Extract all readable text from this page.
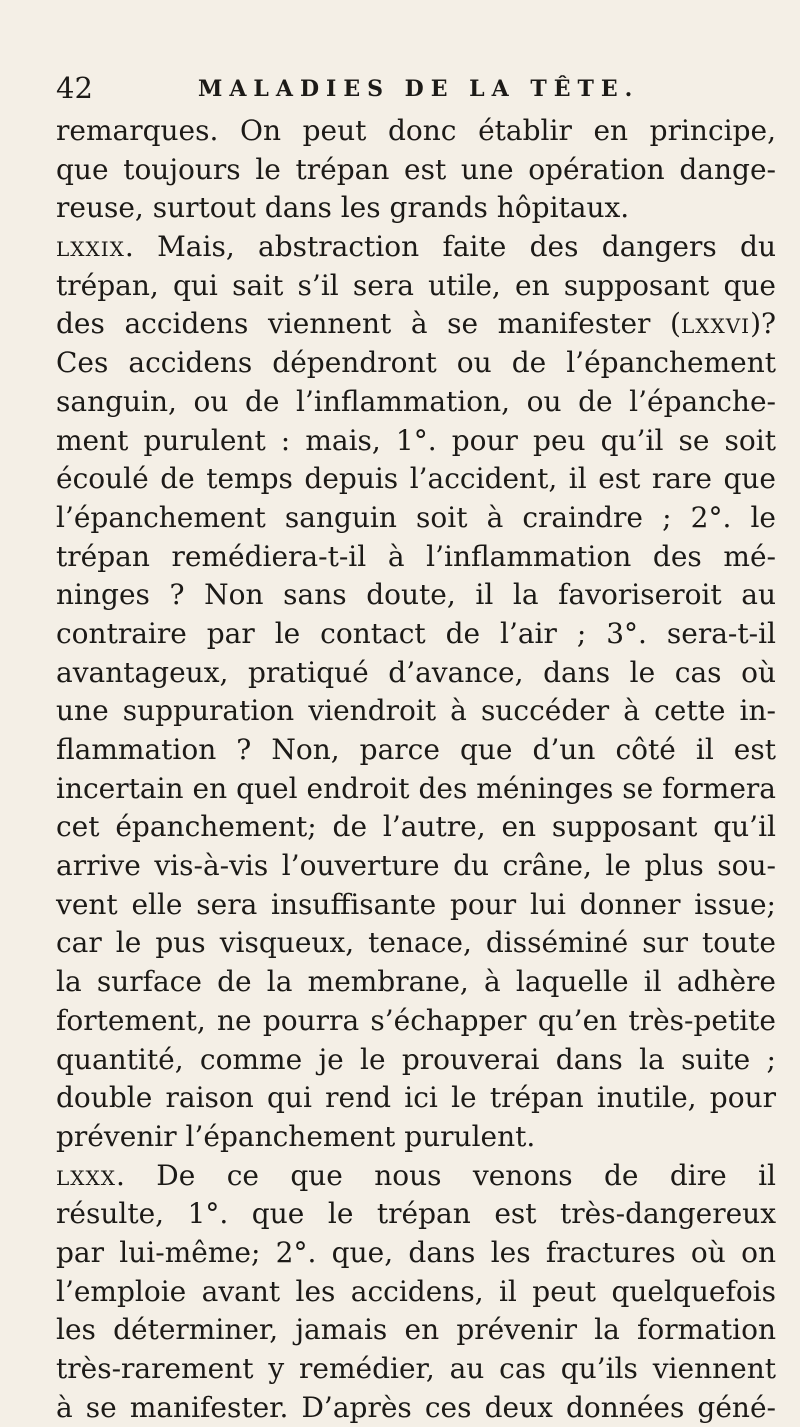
42	MALADIES DE LA TÊTE.
remarques. On peut donc établir en principe,
que toujours le trépan est une opération dange-
reuse, surtout dans les grands hôpitaux.
lxxix. Mais, abstraction faite des dangers du
trépan, qui sait s’il sera utile, en supposant que
des accidens viennent à se manifester (lxxvi)?
Ces accidens dépendront ou de l’épanchement
sanguin, ou de l’inflammation, ou de l’épanche-
ment purulent : mais, 1°. pour peu qu’il se soit
écoulé de temps depuis l’accident, il est rare que
l’épanchement sanguin soit à craindre ; 2°. le
trépan remédiera-t-il à l’inflammation des mé-
ninges ? Non sans doute, il la favoriseroit au
contraire par le contact de l’air ; 3°. sera-t-il
avantageux, pratiqué d’avance, dans le cas où
une suppuration viendroit à succéder à cette in-
flammation ? Non, parce que d’un côté il est
incertain en quel endroit des méninges se formera
cet épanchement; de l’autre, en supposant qu’il
arrive vis-à-vis l’ouverture du crâne, le plus sou-
vent elle sera insuffisante pour lui donner issue;
car le pus visqueux, tenace, disséminé sur toute
la surface de la membrane, à laquelle il adhère
fortement, ne pourra s’échapper qu’en très-petite
quantité, comme je le prouverai dans la suite ;
double raison qui rend ici le trépan inutile, pour
prévenir l’épanchement purulent.
lxxx. De ce que nous venons de dire il
résulte, 1°. que le trépan est très-dangereux
par lui-même; 2°. que, dans les fractures où on
l’emploie avant les accidens, il peut quelquefois
les déterminer, jamais en prévenir la formation
très-rarement y remédier, au cas qu’ils viennent
à se manifester. D’après ces deux données géné-
